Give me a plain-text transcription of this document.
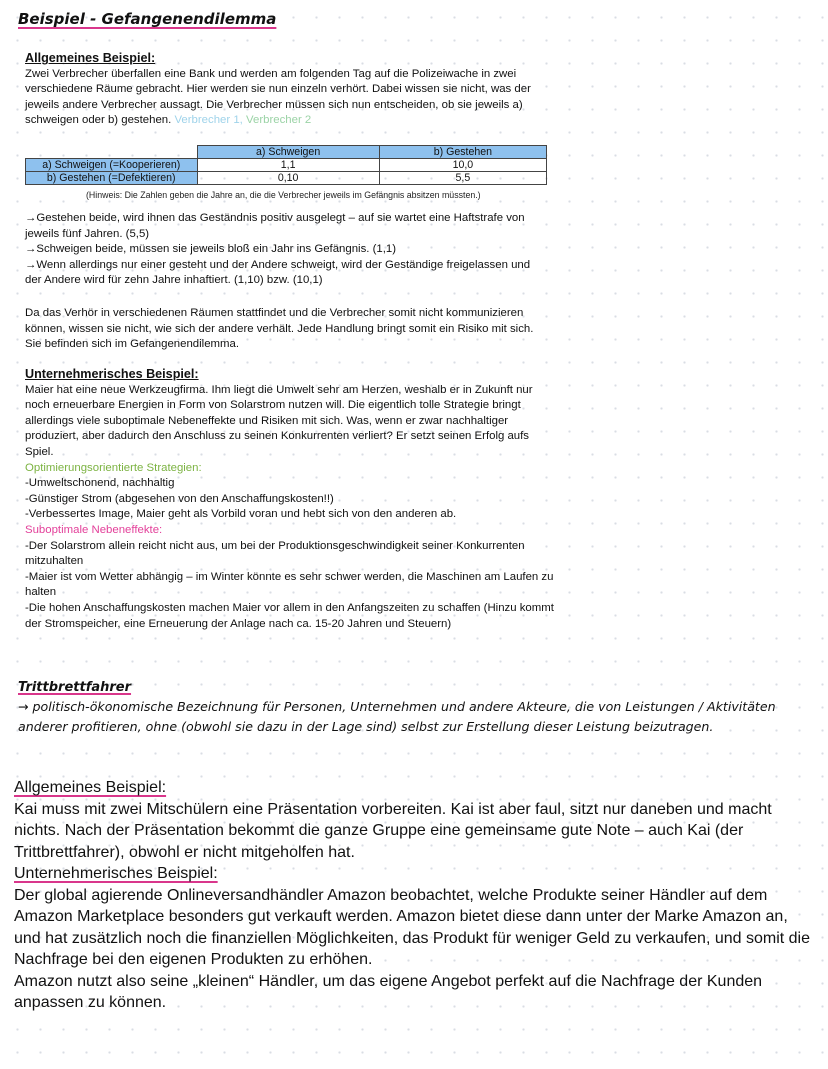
Beispiel - Gefangenendilemma

Allgemeines Beispiel:

Zwei Verbrecher überfallen eine Bank und werden am folgenden Tag auf die Polizeiwache in zwei verschiedene Räume gebracht. Hier werden sie nun einzeln verhört. Dabei wissen sie nicht, was der jeweils andere Verbrecher aussagt. Die Verbrecher müssen sich nun entscheiden, ob sie jeweils a) schweigen oder b) gestehen. Verbrecher 1, Verbrecher 2

	a) Schweigen	b) Gestehen
a) Schweigen (=Kooperieren)	1,1	10,0
b) Gestehen (=Defektieren)	0,10	5,5
(Hinweis: Die Zahlen geben die Jahre an, die die Verbrecher jeweils im Gefängnis absitzen müssten.)

→Gestehen beide, wird ihnen das Geständnis positiv ausgelegt – auf sie wartet eine Haftstrafe von jeweils fünf Jahren. (5,5)

→Schweigen beide, müssen sie jeweils bloß ein Jahr ins Gefängnis. (1,1)

→Wenn allerdings nur einer gesteht und der Andere schweigt, wird der Geständige freigelassen und der Andere wird für zehn Jahre inhaftiert. (1,10) bzw. (10,1)

Da das Verhör in verschiedenen Räumen stattfindet und die Verbrecher somit nicht kommunizieren können, wissen sie nicht, wie sich der andere verhält. Jede Handlung bringt somit ein Risiko mit sich. Sie befinden sich im Gefangenendilemma.

Unternehmerisches Beispiel:

Maier hat eine neue Werkzeugfirma. Ihm liegt die Umwelt sehr am Herzen, weshalb er in Zukunft nur noch erneuerbare Energien in Form von Solarstrom nutzen will. Die eigentlich tolle Strategie bringt allerdings viele suboptimale Nebeneffekte und Risiken mit sich. Was, wenn er zwar nachhaltiger produziert, aber dadurch den Anschluss zu seinen Konkurrenten verliert? Er setzt seinen Erfolg aufs Spiel.

Optimierungsorientierte Strategien:

-Umweltschonend, nachhaltig

-Günstiger Strom (abgesehen von den Anschaffungskosten!!)

-Verbessertes Image, Maier geht als Vorbild voran und hebt sich von den anderen ab.

Suboptimale Nebeneffekte:

-Der Solarstrom allein reicht nicht aus, um bei der Produktionsgeschwindigkeit seiner Konkurrenten mitzuhalten

-Maier ist vom Wetter abhängig – im Winter könnte es sehr schwer werden, die Maschinen am Laufen zu halten

-Die hohen Anschaffungskosten machen Maier vor allem in den Anfangszeiten zu schaffen (Hinzu kommt der Stromspeicher, eine Erneuerung der Anlage nach ca. 15-20 Jahren und Steuern)

Trittbrettfahrer
→ politisch-ökonomische Bezeichnung für Personen, Unternehmen und andere Akteure, die von Leistungen / Aktivitäten anderer profitieren, ohne (obwohl sie dazu in der Lage sind) selbst zur Erstellung dieser Leistung beizutragen.

Allgemeines Beispiel:

Kai muss mit zwei Mitschülern eine Präsentation vorbereiten. Kai ist aber faul, sitzt nur daneben und macht nichts. Nach der Präsentation bekommt die ganze Gruppe eine gemeinsame gute Note – auch Kai (der Trittbrettfahrer), obwohl er nicht mitgeholfen hat.

Unternehmerisches Beispiel:

Der global agierende Onlineversandhändler Amazon beobachtet, welche Produkte seiner Händler auf dem Amazon Marketplace besonders gut verkauft werden. Amazon bietet diese dann unter der Marke Amazon an, und hat zusätzlich noch die finanziellen Möglichkeiten, das Produkt für weniger Geld zu verkaufen, und somit die Nachfrage bei den eigenen Produkten zu erhöhen.

Amazon nutzt also seine „kleinen“ Händler, um das eigene Angebot perfekt auf die Nachfrage der Kunden anpassen zu können.
